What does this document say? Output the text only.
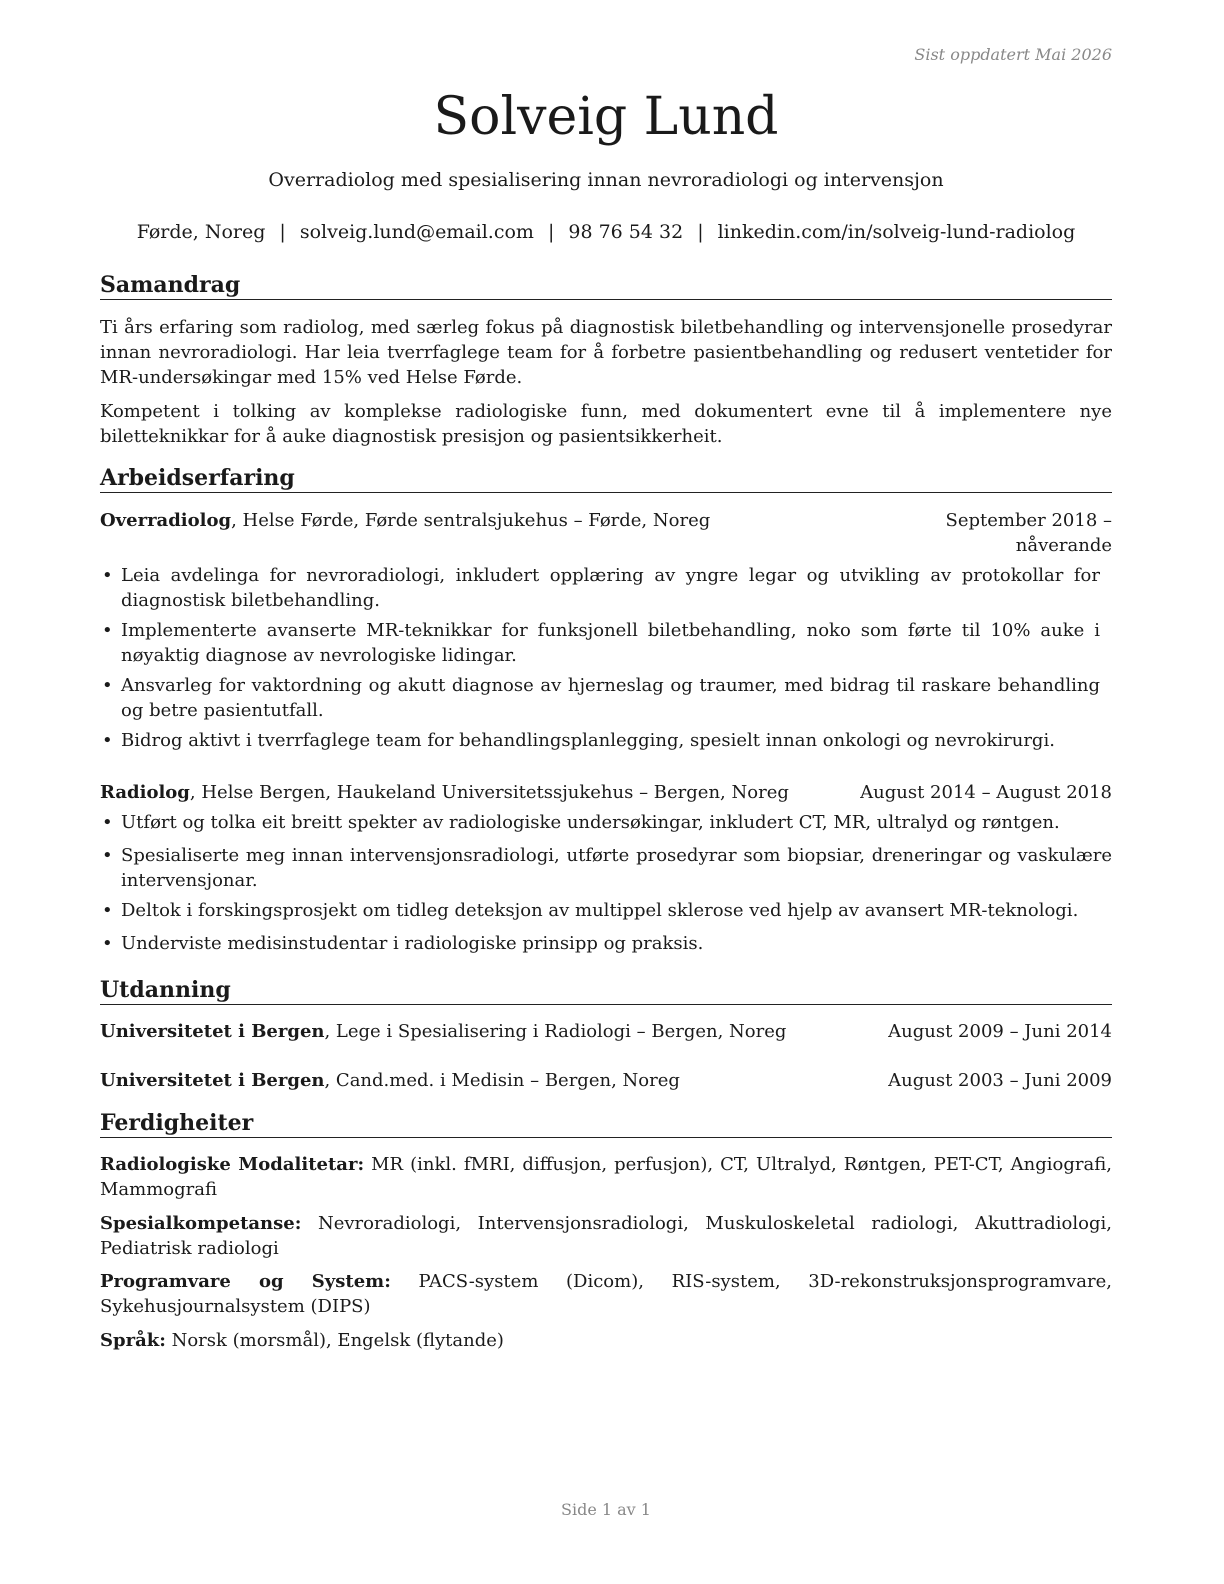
Sist oppdatert Mai 2026
Solveig Lund
Overradiolog med spesialisering innan nevroradiologi og intervensjon
Førde, Noreg | solveig.lund@email.com | 98 76 54 32 | linkedin.com/in/solveig-lund-radiolog
Samandrag
Ti års erfaring som radiolog, med særleg fokus på diagnostisk biletbehandling og intervensjonelle prosedyrar innan nevroradiologi. Har leia tverrfaglege team for å forbetre pasientbehandling og redusert ventetider for MR-undersøkingar med 15% ved Helse Førde.
Kompetent i tolking av komplekse radiologiske funn, med dokumentert evne til å implementere nye biletteknikkar for å auke diagnostisk presisjon og pasientsikkerheit.
Arbeidserfaring
Overradiolog, Helse Førde, Førde sentralsjukehus – Førde, Noreg	September 2018 – nåverande
• Leia avdelinga for nevroradiologi, inkludert opplæring av yngre legar og utvikling av protokollar for diagnostisk biletbehandling.
• Implementerte avanserte MR-teknikkar for funksjonell biletbehandling, noko som førte til 10% auke i nøyaktig diagnose av nevrologiske lidingar.
• Ansvarleg for vaktordning og akutt diagnose av hjerneslag og traumer, med bidrag til raskare behandling og betre pasientutfall.
• Bidrog aktivt i tverrfaglege team for behandlingsplanlegging, spesielt innan onkologi og nevrokirurgi.
Radiolog, Helse Bergen, Haukeland Universitetssjukehus – Bergen, Noreg	August 2014 – August 2018
• Utført og tolka eit breitt spekter av radiologiske undersøkingar, inkludert CT, MR, ultralyd og røntgen.
• Spesialiserte meg innan intervensjonsradiologi, utførte prosedyrar som biopsiar, dreneringar og vaskulære intervensjonar.
• Deltok i forskingsprosjekt om tidleg deteksjon av multippel sklerose ved hjelp av avansert MR-teknologi.
• Underviste medisinstudentar i radiologiske prinsipp og praksis.
Utdanning
Universitetet i Bergen, Lege i Spesialisering i Radiologi – Bergen, Noreg	August 2009 – Juni 2014
Universitetet i Bergen, Cand.med. i Medisin – Bergen, Noreg	August 2003 – Juni 2009
Ferdigheiter
Radiologiske Modalitetar: MR (inkl. fMRI, diffusjon, perfusjon), CT, Ultralyd, Røntgen, PET-CT, Angiografi, Mammografi
Spesialkompetanse: Nevroradiologi, Intervensjonsradiologi, Muskuloskeletal radiologi, Akuttradiologi, Pediatrisk radiologi
Programvare og System: PACS-system (Dicom), RIS-system, 3D-rekonstruksjonsprogramvare, Sykehusjournalsystem (DIPS)
Språk: Norsk (morsmål), Engelsk (flytande)
Side 1 av 1
